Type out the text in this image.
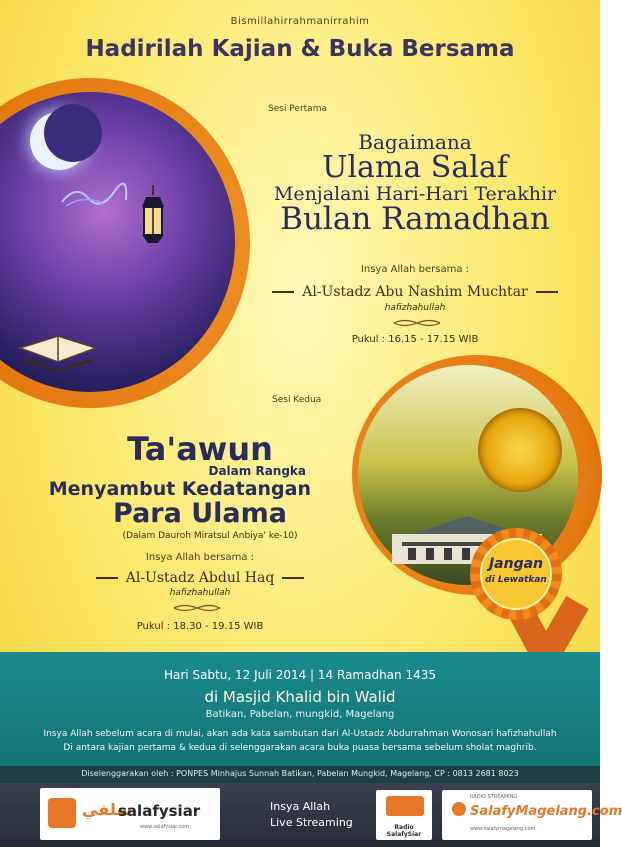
Bismillahirrahmanirrahim
Hadirilah Kajian & Buka Bersama
Sesi Pertama
Bagaimana
Ulama Salaf
Menjalani Hari-Hari Terakhir
Bulan Ramadhan
Insya Allah bersama :
Al-Ustadz Abu Nashim Muchtar
hafizhahullah
Pukul : 16.15 - 17.15 WIB
Sesi Kedua
Ta'awun
Dalam Rangka
Menyambut Kedatangan
Para Ulama
(Dalam Dauroh Miratsul Anbiya' ke-10)
Insya Allah bersama :
Al-Ustadz Abdul Haq
hafizhahullah
Pukul : 18.30 - 19.15 WIB
Jangan
di Lewatkan
Hari Sabtu, 12 Juli 2014 | 14 Ramadhan 1435
di Masjid Khalid bin Walid
Batikan, Pabelan, mungkid, Magelang
Insya Allah sebelum acara di mulai, akan ada kata sambutan dari Al-Ustadz Abdurrahman Wonosari hafizhahullah
Di antara kajian pertama & kedua di selenggarakan acara buka puasa bersama sebelum sholat maghrib.
Diselenggarakan oleh : PONPES Minhajus Sunnah Batikan, Pabelan Mungkid, Magelang, CP : 0813 2681 8023
سلفي
salafysiar
www.salafysiar.com
Insya Allah
Live Streaming	Radio SalafySiar
RADIO STREAMING
SalafyMagelang.com
www.salafymagelang.com
